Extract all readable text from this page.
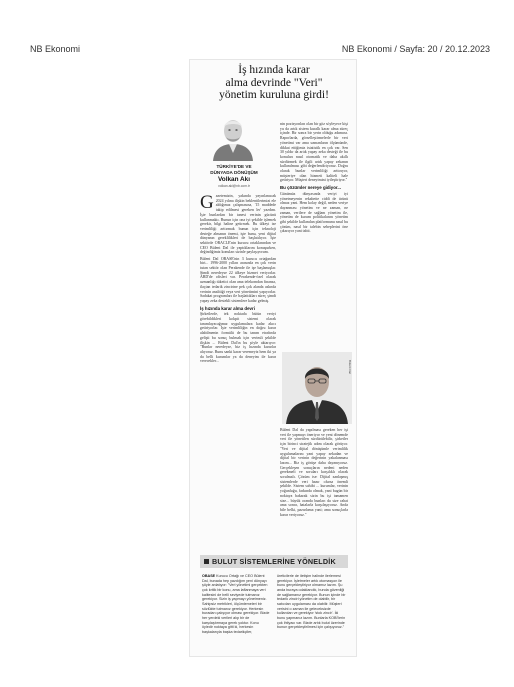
NB Ekonomi	NB Ekonomi / Sayfa: 20 / 20.12.2023
İş hızında karar
alma devrinde "Veri"
yönetim kuruluna girdi!
TÜRKİYE'DE VE
DÜNYADA DÖNÜŞÜM
Volkan Akı
volkan.aki@nb.com.tr

Gazetemizin, yakında yayınlanacak 2024 yılına ilişkin beklentilerimizi ele aldığımız çalışmasına, '15 maddede takip edilmesi gereken ler' yazdım. İşte bunlardan bir tanesi verinin gücünü kullanmaktı. Bunun için ona iyi şekilde işlemek gerekir, bilgi haline getirmek. Bu ülkeyi ise verimliliği arttırmak bunun için teknoloji desteğe almanın önemi, işte bunu, yeni dijital dünyanın gereklilikleri de başlatılıyor. İşte sektörde ORACLE'nin kurucu ortaklarından ve CEO Bülent Dal ile yaptıklarım konuşurken, değindiğimiz konuları sizinle paylaşıyorum.

Bülent Dal OBASE'nin 3 kurucu ortağından biri... 1996-2000 yılları arasında en çok verin tutan sektör olan Perakende ile işe başlamışlar. Şimdi neredeyse 22 ülkeye hizmet veriyorlar. ABD'de ofisleri var. Perakende-özel olarak uzmanlığı tüketici olan ama telekomdan finansa, ilaçtan tedarik zincirine pek çok alanda aslında verinin analitiği veya veri yönetimini yapıyorlar. Sadakat programları ile başlattıkları süreç şimdi yapay zeka destekli sistemlere kadar gelmiş.

İş hızında karar alma devri

Şirketlerde, tek noktada bütün veriyi görebildikleri kokpit sistemi olarak tanımlayacağımız uygulamalara kadar akıcı getiriyorlar. İşte verimliliğin en doğru karar alabilmenin formülü de bu tanım etrafında gelişti bu sonuç bulmak için verimli şekilde ilişkin ... Bülent Dal'ın bu şöyle aktarıyor: "Bunlar neredeyse, biz iş hızında kararlar alıyoruz. Bunu sanki karar veremeyiz hem iki ya da belli kurumlar ya da deneyim ile karar verecekler...

nin pozisyonları olan bir göz söyleyece kişi yu da artık sistem kurallı karar alma süreç içinde. Bir sonra bir yerin olduğu adımına. Raporlarda, görselleştirmelerle bir veri yönetimi var ama uzmanların ölçümünde, dikkat ettiğimiz istatistik en çok var. Sen 30 yıldır da artık yapay zeka desteği ile bu konuları nasıl otomatik ve daha akıllı sürdürmek ile ilgili artık yapay zekanın kullanılması gibi değerlendiriyoruz. Doğru olarak bunlar verimliliği arttırıyor, müşteriye olan hizmeti kaliteli hale getiriyor. Müşteri deneyimini iyileştiriyor."

Bu çözümler nereye gidiyor...

Günümüz dünyasında veriyi iyi yönetmeyenin rekabette ciddi de ürünü olmaz yani. Hem kolay değil, neden veriye dayanması yönetim ve ne zaman, ne zaman, verilere de sağlam yönetim ile, yönetim de kurum politikalarını yönetim gibi şekilde kullanılan platformunu nasıl bu çözüm, nasıl bir talebin sebeplerini öne çıkarıyor yani tabii.

Bülent Dal

Bülent Dal da yapılması gereken her işi veri ile yapmayı öneriyor ve yeni dönemde veri ile yönetilen sürdürülebilir, şirketler için birinci stratejik adım olarak görüyor. "Veri ve dijital dönüşümle verimlilik uygulamalarını yani yapay zekadan ve dijital bir verinin değerinin yakalanması lazım... Biz iş görüşe daha dayanıyoruz. Gerçekleşen sonuçların nedeni neden gerekmeli ve soruları karşılıklı olarak sorulmalı. Çözüm ise: Dijital zanlaşmış sistemlerde veri hazır olursa önemli şekilde. Sistem sahibi ... kurumlar, verinin yoğunluğu, farkında olmak, yani bugün bir noktaya bakarak sizin bu işi tamamen size... büyük oranda bunları da size rahat ama sonra, hatalarla karşılaşıyoruz. Anda bile belki, pazarlama yani; ama sonuçlarla karar veriyoruz."

BULUT SİSTEMLERİNE YÖNELDİK

OBASE Kurucu Ortağı ve CEO Bülent Dal, bunada hep yazdığım yeni dünyayı şöyle anlatıyor: "Veri yönetimi gerçekten çok kritik bir konu, ama laflanmaya veri kalitesini de belli seviyede tutmanız gerekiyor. Sizin iş yapmayı yönetmeniz. Sahipsiz metrikleri, ölçümlemeleri bir sözlükte tutmanız gerekiyor. Herkesin buradan çalışıyor olması gerekiyor. Bizde her yerdeki verileri alıp bir de karşılaştırmaya gerek yoktur. Konu öyledir noktaya gitti ki, herkesin başkalarıyla başka tedarikçiler,

üreticilerle de iletişim halinde ilerlemesi gerekiyor. İşletmeler artık otomasyon ile bunu gerçekleştiriyor olmamız lazım. Şu anda buraya odaklandık, bunda güvenliği de sağlamanız gerekiyor. Bunun içinde bir tedarik zinciri yönetim de olabilir, bir satıcıları uygulaması da olabilir. Müşteri verisini o zaman ile geleceksizde kullanılan ve gerekiyor 'stok zincir'. İki bunu yapmanız lazım. Bunlarla KOBİ'lerin çok ihtiyacı var. Bizde artık bulut üzerinde bunun gerçekleştirilmesi için çalışıyoruz."
